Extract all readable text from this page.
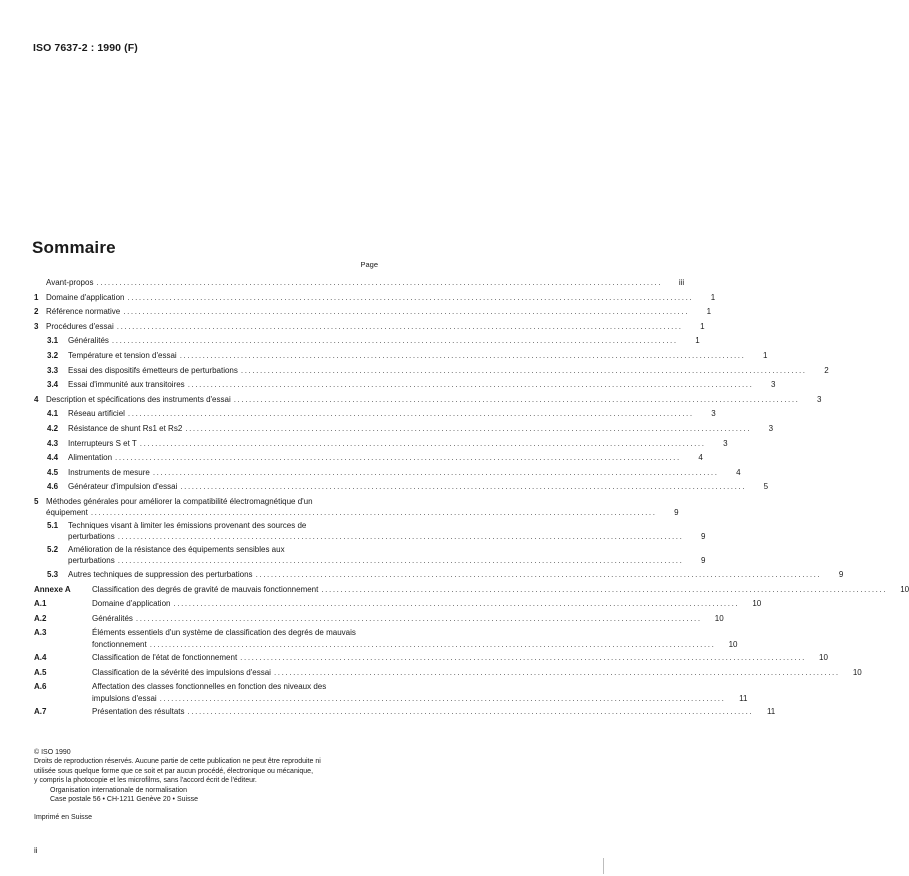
ISO 7637-2 : 1990 (F)
Sommaire
Page
Avant-propos .....	iii
1 Domaine d'application .....	1
2 Référence normative .....	1
3 Procédures d'essai .....	1
3.1	Généralités .....	1
3.2	Température et tension d'essai .....	1
3.3	Essai des dispositifs émetteurs de perturbations .....	2
3.4	Essai d'immunité aux transitoires .....	3
4 Description et spécifications des instruments d'essai .....	3
4.1	Réseau artificiel .....	3
4.2	Résistance de shunt Rs1 et Rs2 .....	3
4.3	Interrupteurs S et T .....	3
4.4	Alimentation .....	4
4.5	Instruments de mesure .....	4
4.6	Générateur d'impulsion d'essai .....	5
5 Méthodes générales pour améliorer la compatibilité électromagnétique d'un
équipement .....	9
5.1	Techniques visant à limiter les émissions provenant des sources de
perturbations .....	9
5.2	Amélioration de la résistance des équipements sensibles aux
perturbations .....	9
5.3	Autres techniques de suppression des perturbations .....	9
Annexe A	Classification des degrés de gravité de mauvais fonctionnement .....	10
A.1	Domaine d'application .....	10
A.2	Généralités .....	10
A.3	Éléments essentiels d'un système de classification des degrés de mauvais
fonctionnement .....	10
A.4	Classification de l'état de fonctionnement .....	10
A.5	Classification de la sévérité des impulsions d'essai .....	10
A.6	Affectation des classes fonctionnelles en fonction des niveaux des
impulsions d'essai .....	11
A.7	Présentation des résultats .....	11
© ISO 1990
Droits de reproduction réservés. Aucune partie de cette publication ne peut être reproduite ni
utilisée sous quelque forme que ce soit et par aucun procédé, électronique ou mécanique,
y compris la photocopie et les microfilms, sans l'accord écrit de l'éditeur.
Organisation internationale de normalisation
Case postale 56 • CH-1211 Genève 20 • Suisse
Imprimé en Suisse
ii
